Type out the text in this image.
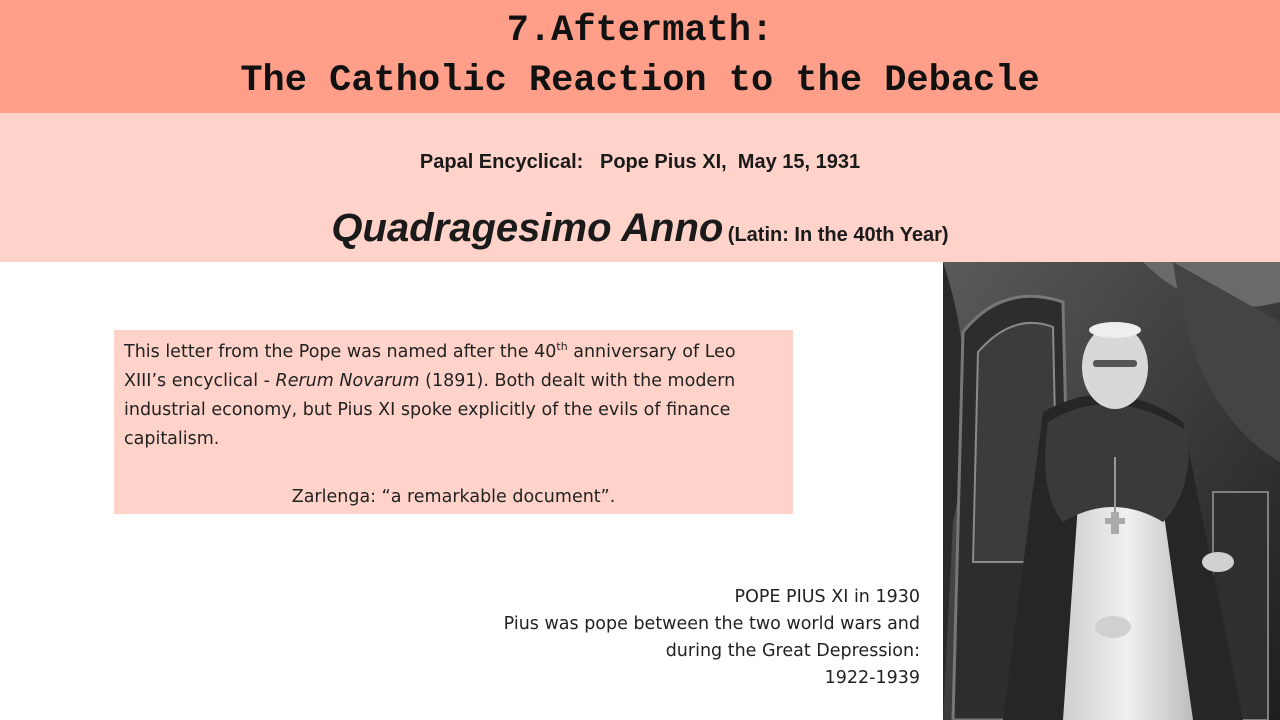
7.Aftermath:
The Catholic Reaction to the Debacle
Papal Encyclical:   Pope Pius XI,  May 15, 1931
Quadragesimo Anno (Latin: In the 40th Year)

This letter from the Pope was named after the 40th anniversary of Leo XIII’s encyclical - Rerum Novarum (1891). Both dealt with the modern industrial economy, but Pius XI spoke explicitly of the evils of finance capitalism.

Zarlenga: “a remarkable document”.

POPE PIUS XI in 1930
Pius was pope between the two world wars and during the Great Depression:
1922-1939
